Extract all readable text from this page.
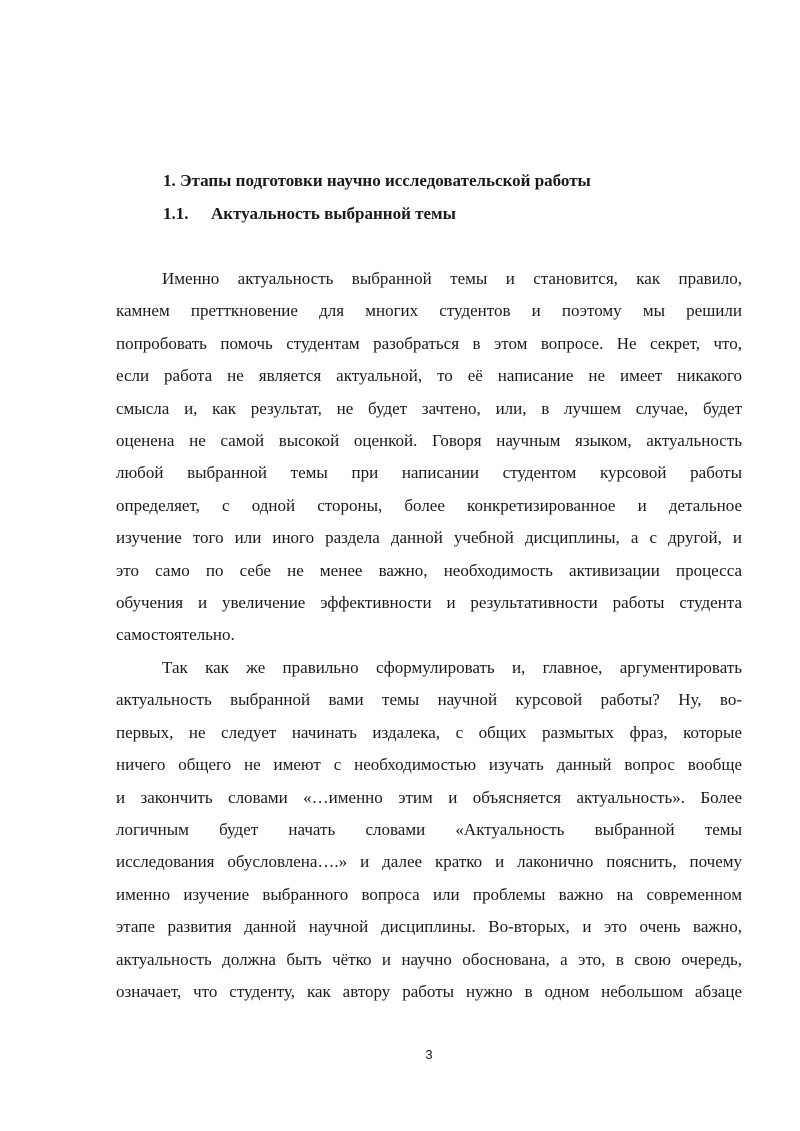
1. Этапы подготовки научно исследовательской работы
1.1. Актуальность выбранной темы

Именно актуальность выбранной темы и становится, как правило,
камнем претткновение для многих студентов и поэтому мы решили
попробовать помочь студентам разобраться в этом вопросе. Не секрет, что,
если работа не является актуальной, то её написание не имеет никакого
смысла и, как результат, не будет зачтено, или, в лучшем случае, будет
оценена не самой высокой оценкой. Говоря научным языком, актуальность
любой выбранной темы при написании студентом курсовой работы
определяет, с одной стороны, более конкретизированное и детальное
изучение того или иного раздела данной учебной дисциплины, а с другой, и
это само по себе не менее важно, необходимость активизации процесса
обучения и увеличение эффективности и результативности работы студента
самостоятельно.

Так как же правильно сформулировать и, главное, аргументировать
актуальность выбранной вами темы научной курсовой работы? Ну, во-
первых, не следует начинать издалека, с общих размытых фраз, которые
ничего общего не имеют с необходимостью изучать данный вопрос вообще
и закончить словами «…именно этим и объясняется актуальность». Более
логичным будет начать словами «Актуальность выбранной темы
исследования обусловлена….» и далее кратко и лаконично пояснить, почему
именно изучение выбранного вопроса или проблемы важно на современном
этапе развития данной научной дисциплины. Во-вторых, и это очень важно,
актуальность должна быть чётко и научно обоснована, а это, в свою очередь,
означает, что студенту, как автору работы нужно в одном небольшом абзаце

3
